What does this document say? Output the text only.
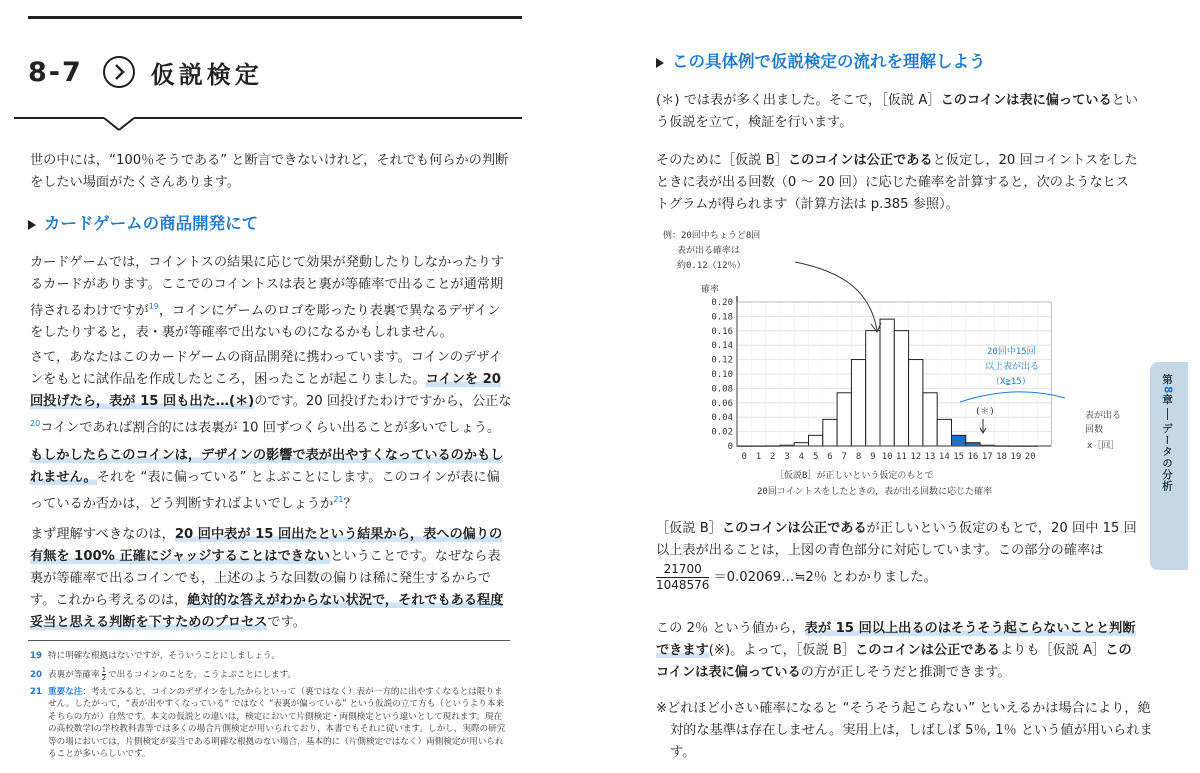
8-7	仮説検定
世の中には，“100％そうである” と断言できないけれど，それでも何らかの判断をしたい場面がたくさんあります。
カードゲームの商品開発にて
カードゲームでは，コイントスの結果に応じて効果が発動したりしなかったりするカードがあります。ここでのコイントスは表と裏が等確率で出ることが通常期待されるわけですが$^{19}$，コインにゲームのロゴを彫ったり表裏で異なるデザインをしたりすると，表・裏が等確率で出ないものになるかもしれません。
さて，あなたはこのカードゲームの商品開発に携わっています。コインのデザインをもとに試作品を作成したところ，困ったことが起こりました。コインを 20 回投げたら，表が 15 回も出た…(＊)のです。20 回投げたわけですから，公正な$^{20}$コインであれば割合的には表裏が 10 回ずつくらい出ることが多いでしょう。
もしかしたらこのコインは，デザインの影響で表が出やすくなっているのかもしれません。それを “表に偏っている” とよぶことにします。このコインが表に偏っているか否かは，どう判断すればよいでしょうか$^{21}$？
まず理解すべきなのは，20 回中表が 15 回出たという結果から，表への偏りの有無を 100% 正確にジャッジすることはできないということです。なぜなら表裏が等確率で出るコインでも，上述のような回数の偏りは稀に発生するからです。これから考えるのは，絶対的な答えがわからない状況で，それでもある程度妥当と思える判断を下すためのプロセスです。
19 特に明確な根拠はないですが，そういうことにしましょう。
20 表裏が等確率 $\frac{1}{2}$ で出るコインのことを，こうよぶことにします。
21 重要な注：考えてみると，コインのデザインをしたからといって（裏ではなく）表が一方的に出やすくなるとは限りません。したがって，“表が出やすくなっている” ではなく “表裏が偏っている” という仮説の立て方も（というより本来そちらの方が）自然です。本文の仮説との違いは，検定において片側検定・両側検定という違いとして現れます。現在の高校数学Ⅰの学校教科書等では多くの場合片側検定が用いられており，本書でもそれに従います。しかし，実際の研究等の場においては，片側検定が妥当である明確な根拠のない場合，基本的に（片側検定ではなく）両側検定が用いられることが多いらしいです。
この具体例で仮説検定の流れを理解しよう
(＊) では表が多く出ました。そこで，［仮説 A］このコインは表に偏っているという仮説を立て，検証を行います。
そのために［仮説 B］このコインは公正であると仮定し，20 回コイントスをしたときに表が出る回数（0 ～ 20 回）に応じた確率を計算すると，次のようなヒストグラムが得られます（計算方法は p.385 参照）。
0
0.02
0.04
0.06
0.08
0.10
0.12
0.14
0.16
0.18
0.20
0 1 2 3 4 5 6 7 8 9 10 11 12 13 14 15 16 17 18 19 20
例：20回中ちょうど8回
表が出る確率は
約0.12（12％）
確率
20回中15回
以上表が出る
（X≧15）
(＊)	表が出る
回数
x［回］
［仮説B］が正しいという仮定のもとで
20回コイントスをしたときの，表が出る回数に応じた確率
［仮説 B］このコインは公正であるが正しいという仮定のもとで，20 回中 15 回以上表が出ることは，上図の青色部分に対応しています。この部分の確率は
$\frac{21700}{1048576}$ ＝0.02069…≒2％ とわかりました。
この 2％ という値から，表が 15 回以上出るのはそうそう起こらないことと判断できます(※)。よって，［仮説 B］このコインは公正であるよりも［仮説 A］このコインは表に偏っているの方が正しそうだと推測できます。
※どれほど小さい確率になると “そうそう起こらない” といえるかは場合により，絶対的な基準は存在しません。実用上は，しばしば 5％, 1％ という値が用いられます。
第
8
章
データの分析
